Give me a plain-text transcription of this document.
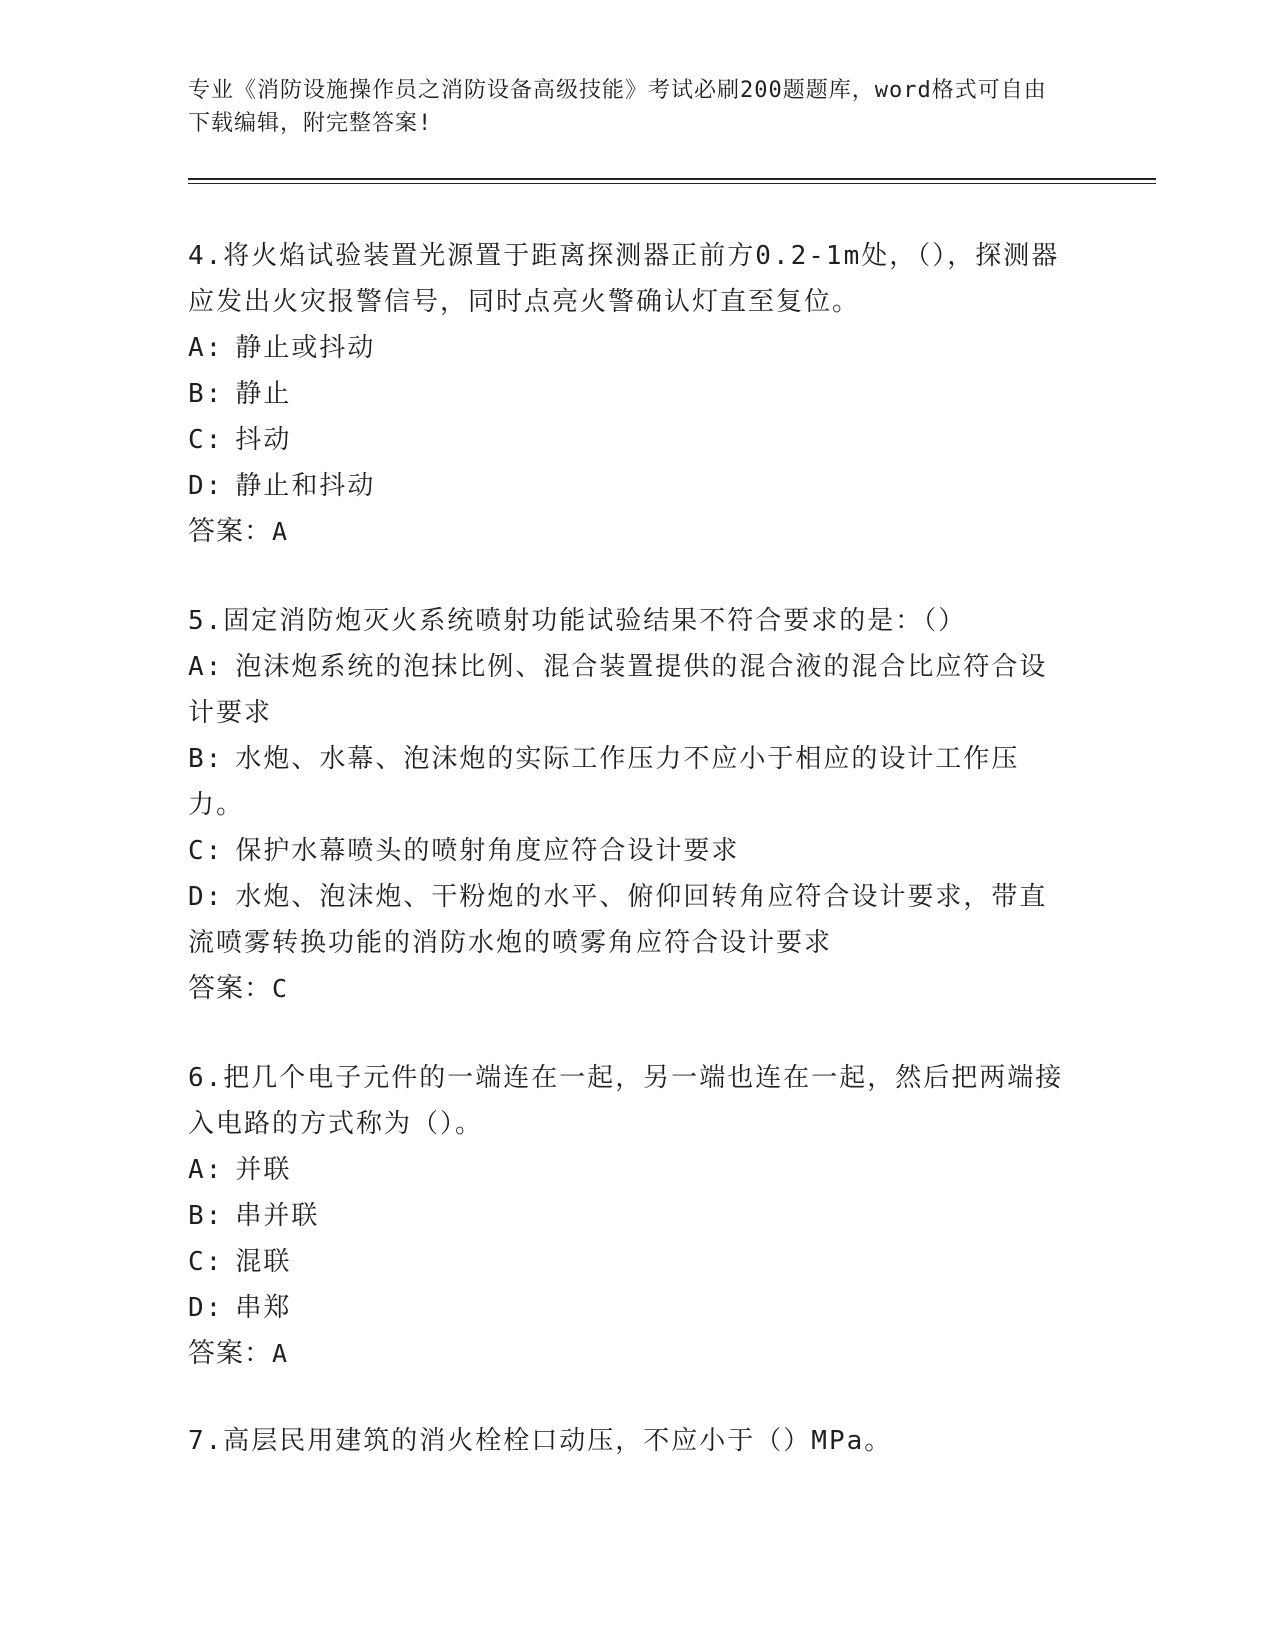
专业《消防设施操作员之消防设备高级技能》考试必刷200题题库，word格式可自由下载编辑，附完整答案!

4.将火焰试验装置光源置于距离探测器正前方0.2-1m处，（），探测器应发出火灾报警信号，同时点亮火警确认灯直至复位。

A: 静止或抖动

B: 静止

C: 抖动

D: 静止和抖动

答案：A

5.固定消防炮灭火系统喷射功能试验结果不符合要求的是：（）

A: 泡沫炮系统的泡抹比例、混合装置提供的混合液的混合比应符合设计要求

B: 水炮、水幕、泡沫炮的实际工作压力不应小于相应的设计工作压力。

C: 保护水幕喷头的喷射角度应符合设计要求

D: 水炮、泡沫炮、干粉炮的水平、俯仰回转角应符合设计要求，带直流喷雾转换功能的消防水炮的喷雾角应符合设计要求

答案：C

6.把几个电子元件的一端连在一起，另一端也连在一起，然后把两端接入电路的方式称为（）。

A: 并联

B: 串并联

C: 混联

D: 串郑

答案：A

7.高层民用建筑的消火栓栓口动压，不应小于（）MPa。
